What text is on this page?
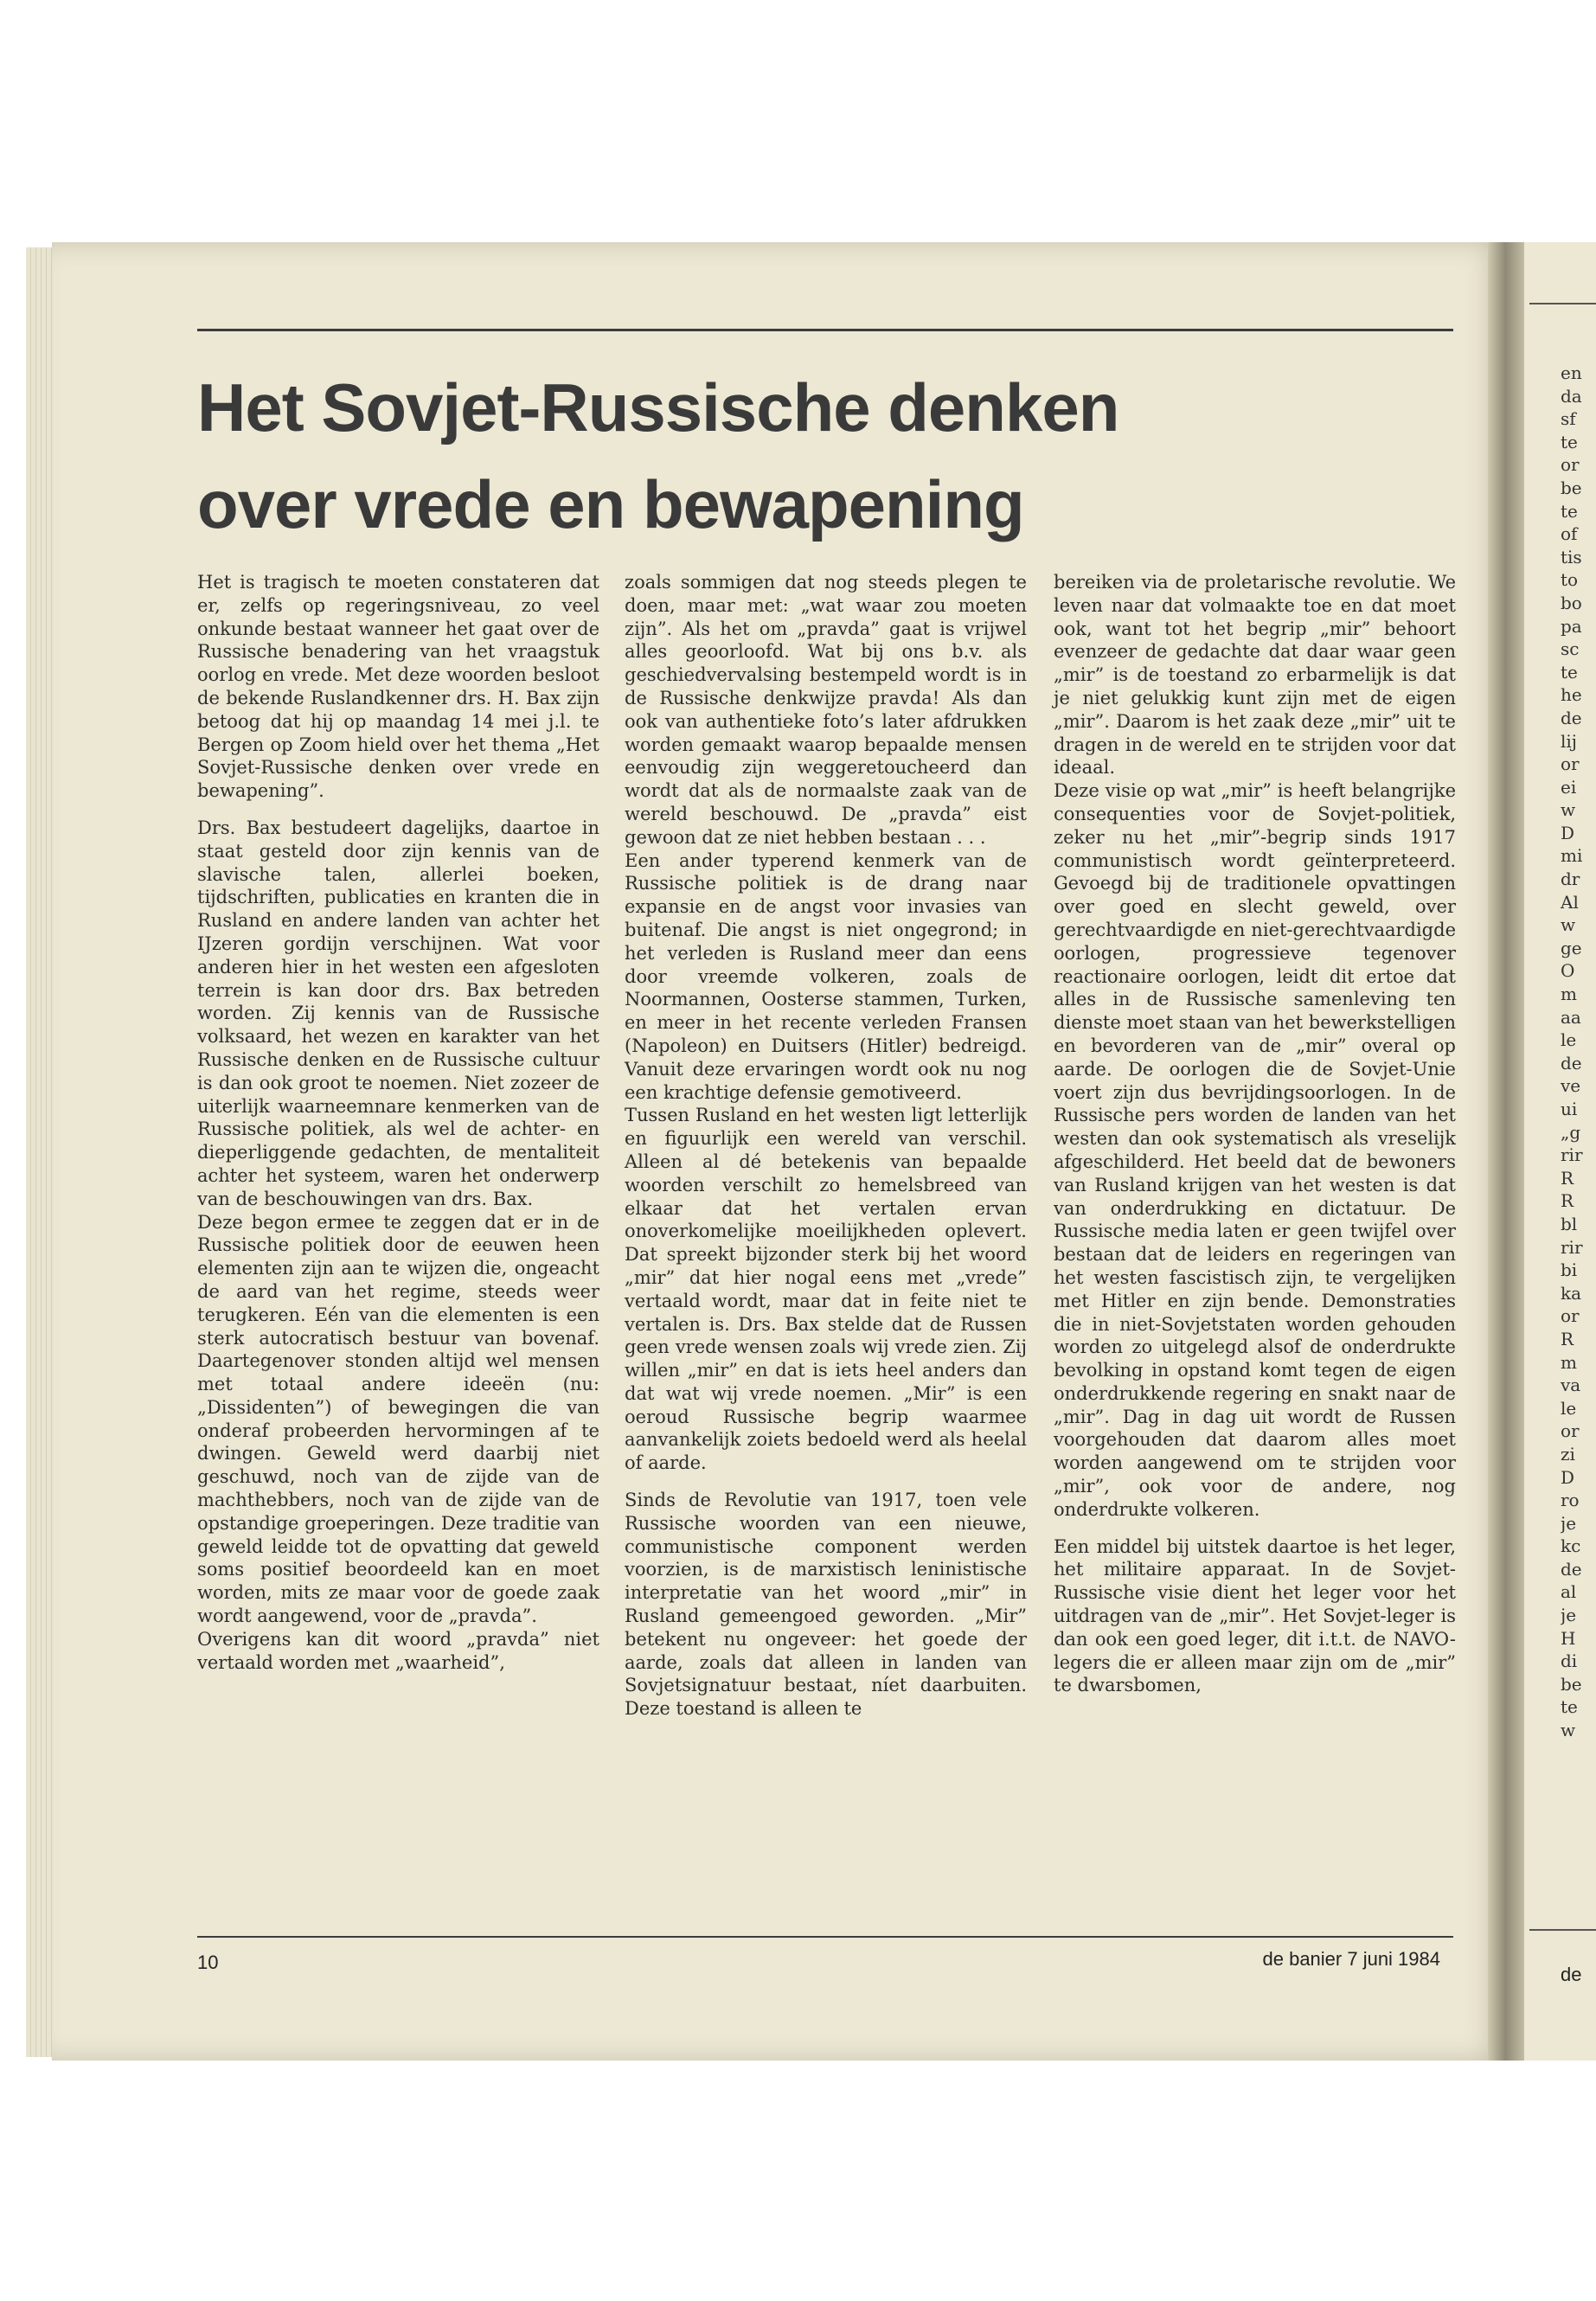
en
da
sf
te
or
be
te
of
tis
to
bo
pa
sc
te
he
de
lij
or
ei
w
D
mi
dr
Al
w
ge
O
m
aa
le
de
ve
ui
„g
rir
R
R
bl
rir
bi
ka
or
R
m
va
le
or
zi
D
ro
je
kc
de
al
je
H
di
be
te
w
de
Het Sovjet-Russische denken
over vrede en bewapening

Het is tragisch te moeten constateren dat er, zelfs op regeringsniveau, zo veel onkunde bestaat wanneer het gaat over de Russische benadering van het vraagstuk oorlog en vrede. Met deze woorden besloot de bekende Ruslandkenner drs. H. Bax zijn betoog dat hij op maandag 14 mei j.l. te Bergen op Zoom hield over het thema „Het Sovjet-Russische denken over vrede en bewapening”.

Drs. Bax bestudeert dagelijks, daartoe in staat gesteld door zijn kennis van de slavische talen, allerlei boeken, tijdschriften, publicaties en kranten die in Rusland en andere landen van achter het IJzeren gordijn verschijnen. Wat voor anderen hier in het westen een afgesloten terrein is kan door drs. Bax betreden worden. Zij kennis van de Russische volksaard, het wezen en karakter van het Russische denken en de Russische cultuur is dan ook groot te noemen. Niet zozeer de uiterlijk waarneemnare kenmerken van de Russische politiek, als wel de achter- en dieperliggende gedachten, de mentaliteit achter het systeem, waren het onderwerp van de beschouwingen van drs. Bax.

Deze begon ermee te zeggen dat er in de Russische politiek door de eeuwen heen elementen zijn aan te wijzen die, ongeacht de aard van het regime, steeds weer terugkeren. Eén van die elementen is een sterk autocratisch bestuur van bovenaf. Daartegenover stonden altijd wel mensen met totaal andere ideeën (nu: „Dissidenten”) of bewegingen die van onderaf probeerden hervormingen af te dwingen. Geweld werd daarbij niet geschuwd, noch van de zijde van de machthebbers, noch van de zijde van de opstandige groeperingen. Deze traditie van geweld leidde tot de opvatting dat geweld soms positief beoordeeld kan en moet worden, mits ze maar voor de goede zaak wordt aangewend, voor de „pravda”.

Overigens kan dit woord „pravda” niet vertaald worden met „waarheid”,

zoals sommigen dat nog steeds plegen te doen, maar met: „wat waar zou moeten zijn”. Als het om „pravda” gaat is vrijwel alles geoorloofd. Wat bij ons b.v. als geschiedvervalsing bestempeld wordt is in de Russische denkwijze pravda! Als dan ook van authentieke foto’s later afdrukken worden gemaakt waarop bepaalde mensen eenvoudig zijn weggeretoucheerd dan wordt dat als de normaalste zaak van de wereld beschouwd. De „pravda” eist gewoon dat ze niet hebben bestaan . . .

Een ander typerend kenmerk van de Russische politiek is de drang naar expansie en de angst voor invasies van buitenaf. Die angst is niet ongegrond; in het verleden is Rusland meer dan eens door vreemde volkeren, zoals de Noormannen, Oosterse stammen, Turken, en meer in het recente verleden Fransen (Napoleon) en Duitsers (Hitler) bedreigd. Vanuit deze ervaringen wordt ook nu nog een krachtige defensie gemotiveerd.

Tussen Rusland en het westen ligt letterlijk en figuurlijk een wereld van verschil. Alleen al dé betekenis van bepaalde woorden verschilt zo hemelsbreed van elkaar dat het vertalen ervan onoverkomelijke moeilijkheden oplevert. Dat spreekt bijzonder sterk bij het woord „mir” dat hier nogal eens met „vrede” vertaald wordt, maar dat in feite niet te vertalen is. Drs. Bax stelde dat de Russen geen vrede wensen zoals wij vrede zien. Zij willen „mir” en dat is iets heel anders dan dat wat wij vrede noemen. „Mir” is een oeroud Russische begrip waarmee aanvankelijk zoiets bedoeld werd als heelal of aarde.

Sinds de Revolutie van 1917, toen vele Russische woorden van een nieuwe, communistische component werden voorzien, is de marxistisch leninistische interpretatie van het woord „mir” in Rusland gemeengoed geworden. „Mir” betekent nu ongeveer: het goede der aarde, zoals dat alleen in landen van Sovjetsignatuur bestaat, níet daarbuiten. Deze toestand is alleen te

bereiken via de proletarische revolutie. We leven naar dat volmaakte toe en dat moet ook, want tot het begrip „mir” behoort evenzeer de gedachte dat daar waar geen „mir” is de toestand zo erbarmelijk is dat je niet gelukkig kunt zijn met de eigen „mir”. Daarom is het zaak deze „mir” uit te dragen in de wereld en te strijden voor dat ideaal.

Deze visie op wat „mir” is heeft belangrijke consequenties voor de Sovjet-politiek, zeker nu het „mir”-begrip sinds 1917 communistisch wordt geïnterpreteerd. Gevoegd bij de traditionele opvattingen over goed en slecht geweld, over gerechtvaardigde en niet-gerechtvaardigde oorlogen, progressieve tegenover reactionaire oorlogen, leidt dit ertoe dat alles in de Russische samenleving ten dienste moet staan van het bewerkstelligen en bevorderen van de „mir” overal op aarde. De oorlogen die de Sovjet-Unie voert zijn dus bevrijdingsoorlogen. In de Russische pers worden de landen van het westen dan ook systematisch als vreselijk afgeschilderd. Het beeld dat de bewoners van Rusland krijgen van het westen is dat van onderdrukking en dictatuur. De Russische media laten er geen twijfel over bestaan dat de leiders en regeringen van het westen fascistisch zijn, te vergelijken met Hitler en zijn bende. Demonstraties die in niet-Sovjetstaten worden gehouden worden zo uitgelegd alsof de onderdrukte bevolking in opstand komt tegen de eigen onderdrukkende regering en snakt naar de „mir”. Dag in dag uit wordt de Russen voorgehouden dat daarom alles moet worden aangewend om te strijden voor „mir”, ook voor de andere, nog onderdrukte volkeren.

Een middel bij uitstek daartoe is het leger, het militaire apparaat. In de Sovjet-Russische visie dient het leger voor het uitdragen van de „mir”. Het Sovjet-leger is dan ook een goed leger, dit i.t.t. de NAVO-legers die er alleen maar zijn om de „mir” te dwarsbomen,

10	de banier 7 juni 1984
